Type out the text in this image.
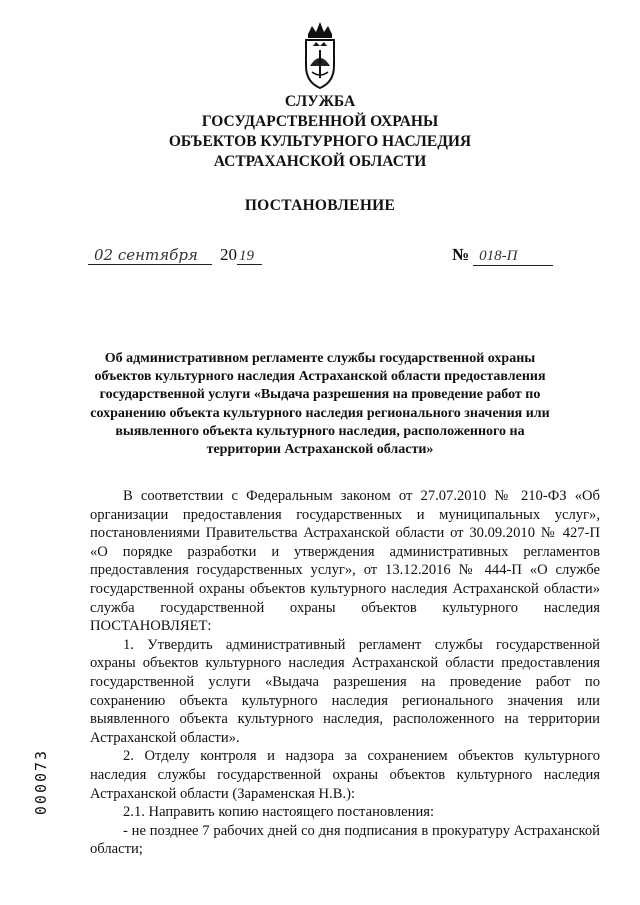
СЛУЖБА
ГОСУДАРСТВЕННОЙ ОХРАНЫ
ОБЪЕКТОВ КУЛЬТУРНОГО НАСЛЕДИЯ
АСТРАХАНСКОЙ ОБЛАСТИ
ПОСТАНОВЛЕНИЕ
02 сентября 20 19	№ 018-П
Об административном регламенте службы государственной охраны
объектов культурного наследия Астраханской области предоставления
государственной услуги «Выдача разрешения на проведение работ по
сохранению объекта культурного наследия регионального значения или
выявленного объекта культурного наследия, расположенного на
территории Астраханской области»

В соответствии с Федеральным законом от 27.07.2010 № 210-ФЗ «Об организации предоставления государственных и муниципальных услуг», постановлениями Правительства Астраханской области от 30.09.2010 № 427-П «О порядке разработки и утверждения административных регламентов предоставления государственных услуг», от 13.12.2016 № 444-П «О службе государственной охраны объектов культурного наследия Астраханской области» служба государственной охраны объектов культурного наследия ПОСТАНОВЛЯЕТ:

1. Утвердить административный регламент службы государственной охраны объектов культурного наследия Астраханской области предоставления государственной услуги «Выдача разрешения на проведение работ по сохранению объекта культурного наследия регионального значения или выявленного объекта культурного наследия, расположенного на территории Астраханской области».

2. Отделу контроля и надзора за сохранением объектов культурного наследия службы государственной охраны объектов культурного наследия Астраханской области (Зараменская Н.В.):

2.1. Направить копию настоящего постановления:

- не позднее 7 рабочих дней со дня подписания в прокуратуру Астраханской области;

000073
